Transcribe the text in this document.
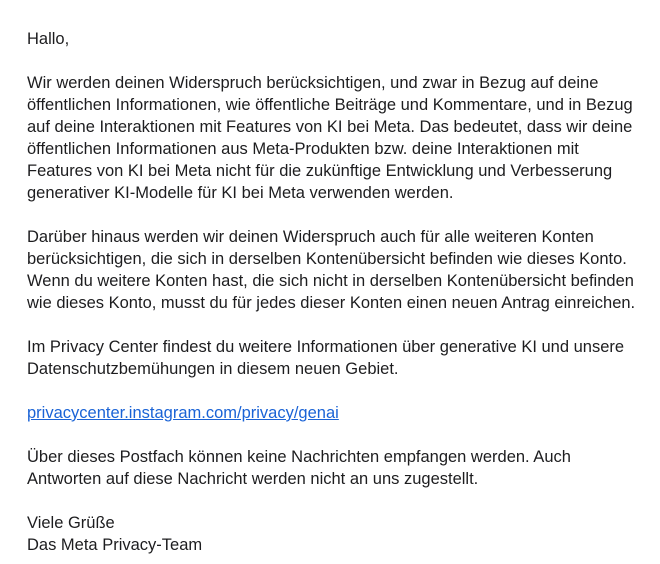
Hallo,

Wir werden deinen Widerspruch berücksichtigen, und zwar in Bezug auf deine
öffentlichen Informationen, wie öffentliche Beiträge und Kommentare, und in Bezug
auf deine Interaktionen mit Features von KI bei Meta. Das bedeutet, dass wir deine
öffentlichen Informationen aus Meta-Produkten bzw. deine Interaktionen mit
Features von KI bei Meta nicht für die zukünftige Entwicklung und Verbesserung
generativer KI-Modelle für KI bei Meta verwenden werden.

Darüber hinaus werden wir deinen Widerspruch auch für alle weiteren Konten
berücksichtigen, die sich in derselben Kontenübersicht befinden wie dieses Konto.
Wenn du weitere Konten hast, die sich nicht in derselben Kontenübersicht befinden
wie dieses Konto, musst du für jedes dieser Konten einen neuen Antrag einreichen.

Im Privacy Center findest du weitere Informationen über generative KI und unsere
Datenschutzbemühungen in diesem neuen Gebiet.

privacycenter.instagram.com/privacy/genai

Über dieses Postfach können keine Nachrichten empfangen werden. Auch
Antworten auf diese Nachricht werden nicht an uns zugestellt.

Viele Grüße
Das Meta Privacy-Team
